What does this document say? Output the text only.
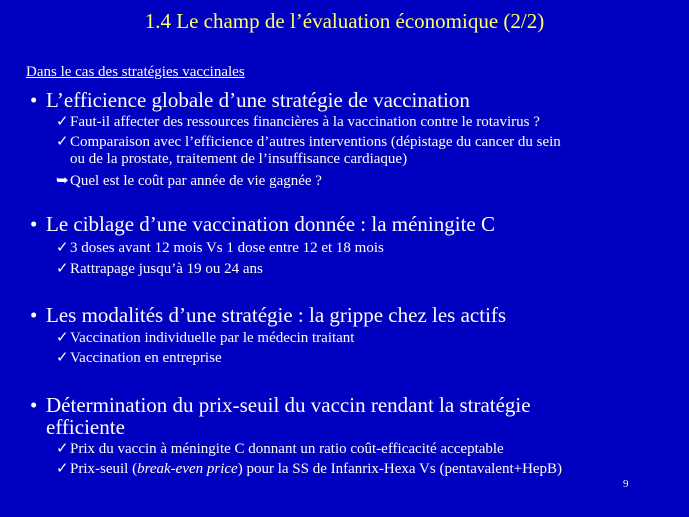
1.4 Le champ de l’évaluation économique (2/2)
Dans le cas des stratégies vaccinales
• L’efficience globale d’une stratégie de vaccination
✓Faut-il affecter des ressources financières à la vaccination contre le rotavirus ?
✓Comparaison avec l’efficience d’autres interventions (dépistage du cancer du sein
ou de la prostate, traitement de l’insuffisance cardiaque)
➥Quel est le coût par année de vie gagnée ?
• Le ciblage d’une vaccination donnée : la méningite C
✓3 doses avant 12 mois Vs 1 dose entre 12 et 18 mois
✓Rattrapage jusqu’à 19 ou 24 ans
• Les modalités d’une stratégie : la grippe chez les actifs
✓Vaccination individuelle par le médecin traitant
✓Vaccination en entreprise
• Détermination du prix-seuil du vaccin rendant la stratégie
efficiente
✓Prix du vaccin à méningite C donnant un ratio coût-efficacité acceptable
✓Prix-seuil (break-even price) pour la SS de Infanrix-Hexa Vs (pentavalent+HepB)
9
